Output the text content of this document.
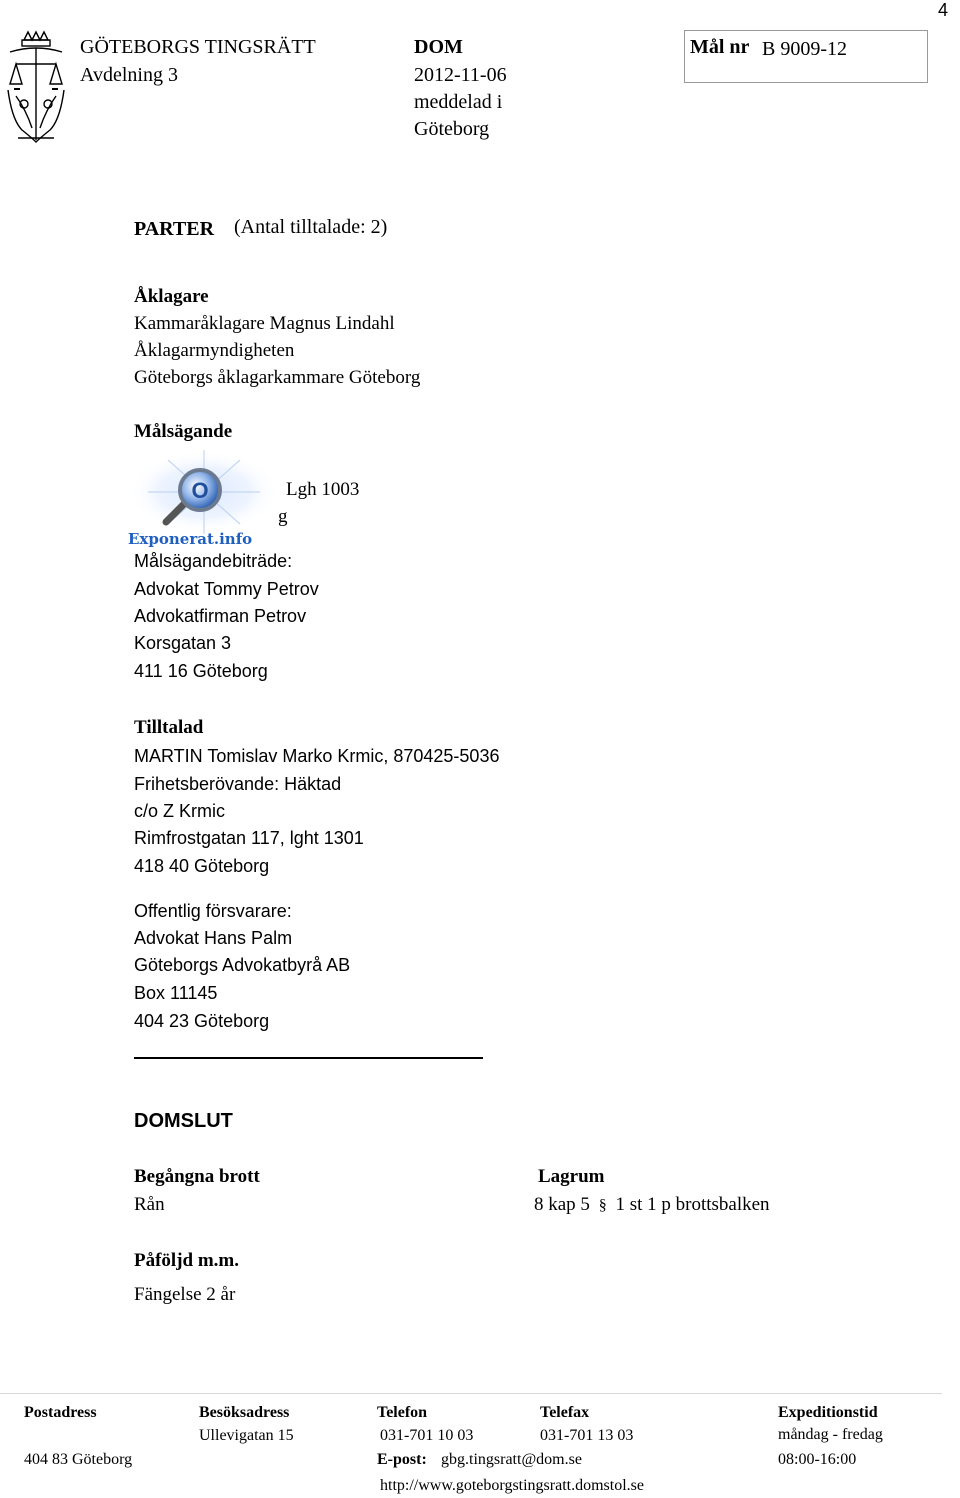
4
GÖTEBORGS TINGSRÄTT
Avdelning 3
DOM
2012-11-06
meddelad i
Göteborg
Mål nr B 9009-12
PARTER (Antal tilltalade: 2)
Åklagare
Kammaråklagare Magnus Lindahl
Åklagarmyndigheten
Göteborgs åklagarkammare Göteborg
Målsägande
O	Lgh 1003
g
Exponerat.info
Målsägandebiträde:
Advokat Tommy Petrov
Advokatfirman Petrov
Korsgatan 3
411 16 Göteborg
Tilltalad
MARTIN Tomislav Marko Krmic, 870425-5036
Frihetsberövande: Häktad
c/o Z Krmic
Rimfrostgatan 117, lght 1301
418 40 Göteborg
Offentlig försvarare:
Advokat Hans Palm
Göteborgs Advokatbyrå AB
Box 11145
404 23 Göteborg
DOMSLUT
Begångna brott	Lagrum
Rån	8 kap 5 § 1 st 1 p brottsbalken
Påföljd m.m.
Fängelse 2 år
Postadress
404 83 Göteborg
Besöksadress
Ullevigatan 15
Telefon
031-701 10 03
Telefax
031-701 13 03
E-post: gbg.tingsratt@dom.se
http://www.goteborgstingsratt.domstol.se
Expeditionstid
måndag - fredag
08:00-16:00
